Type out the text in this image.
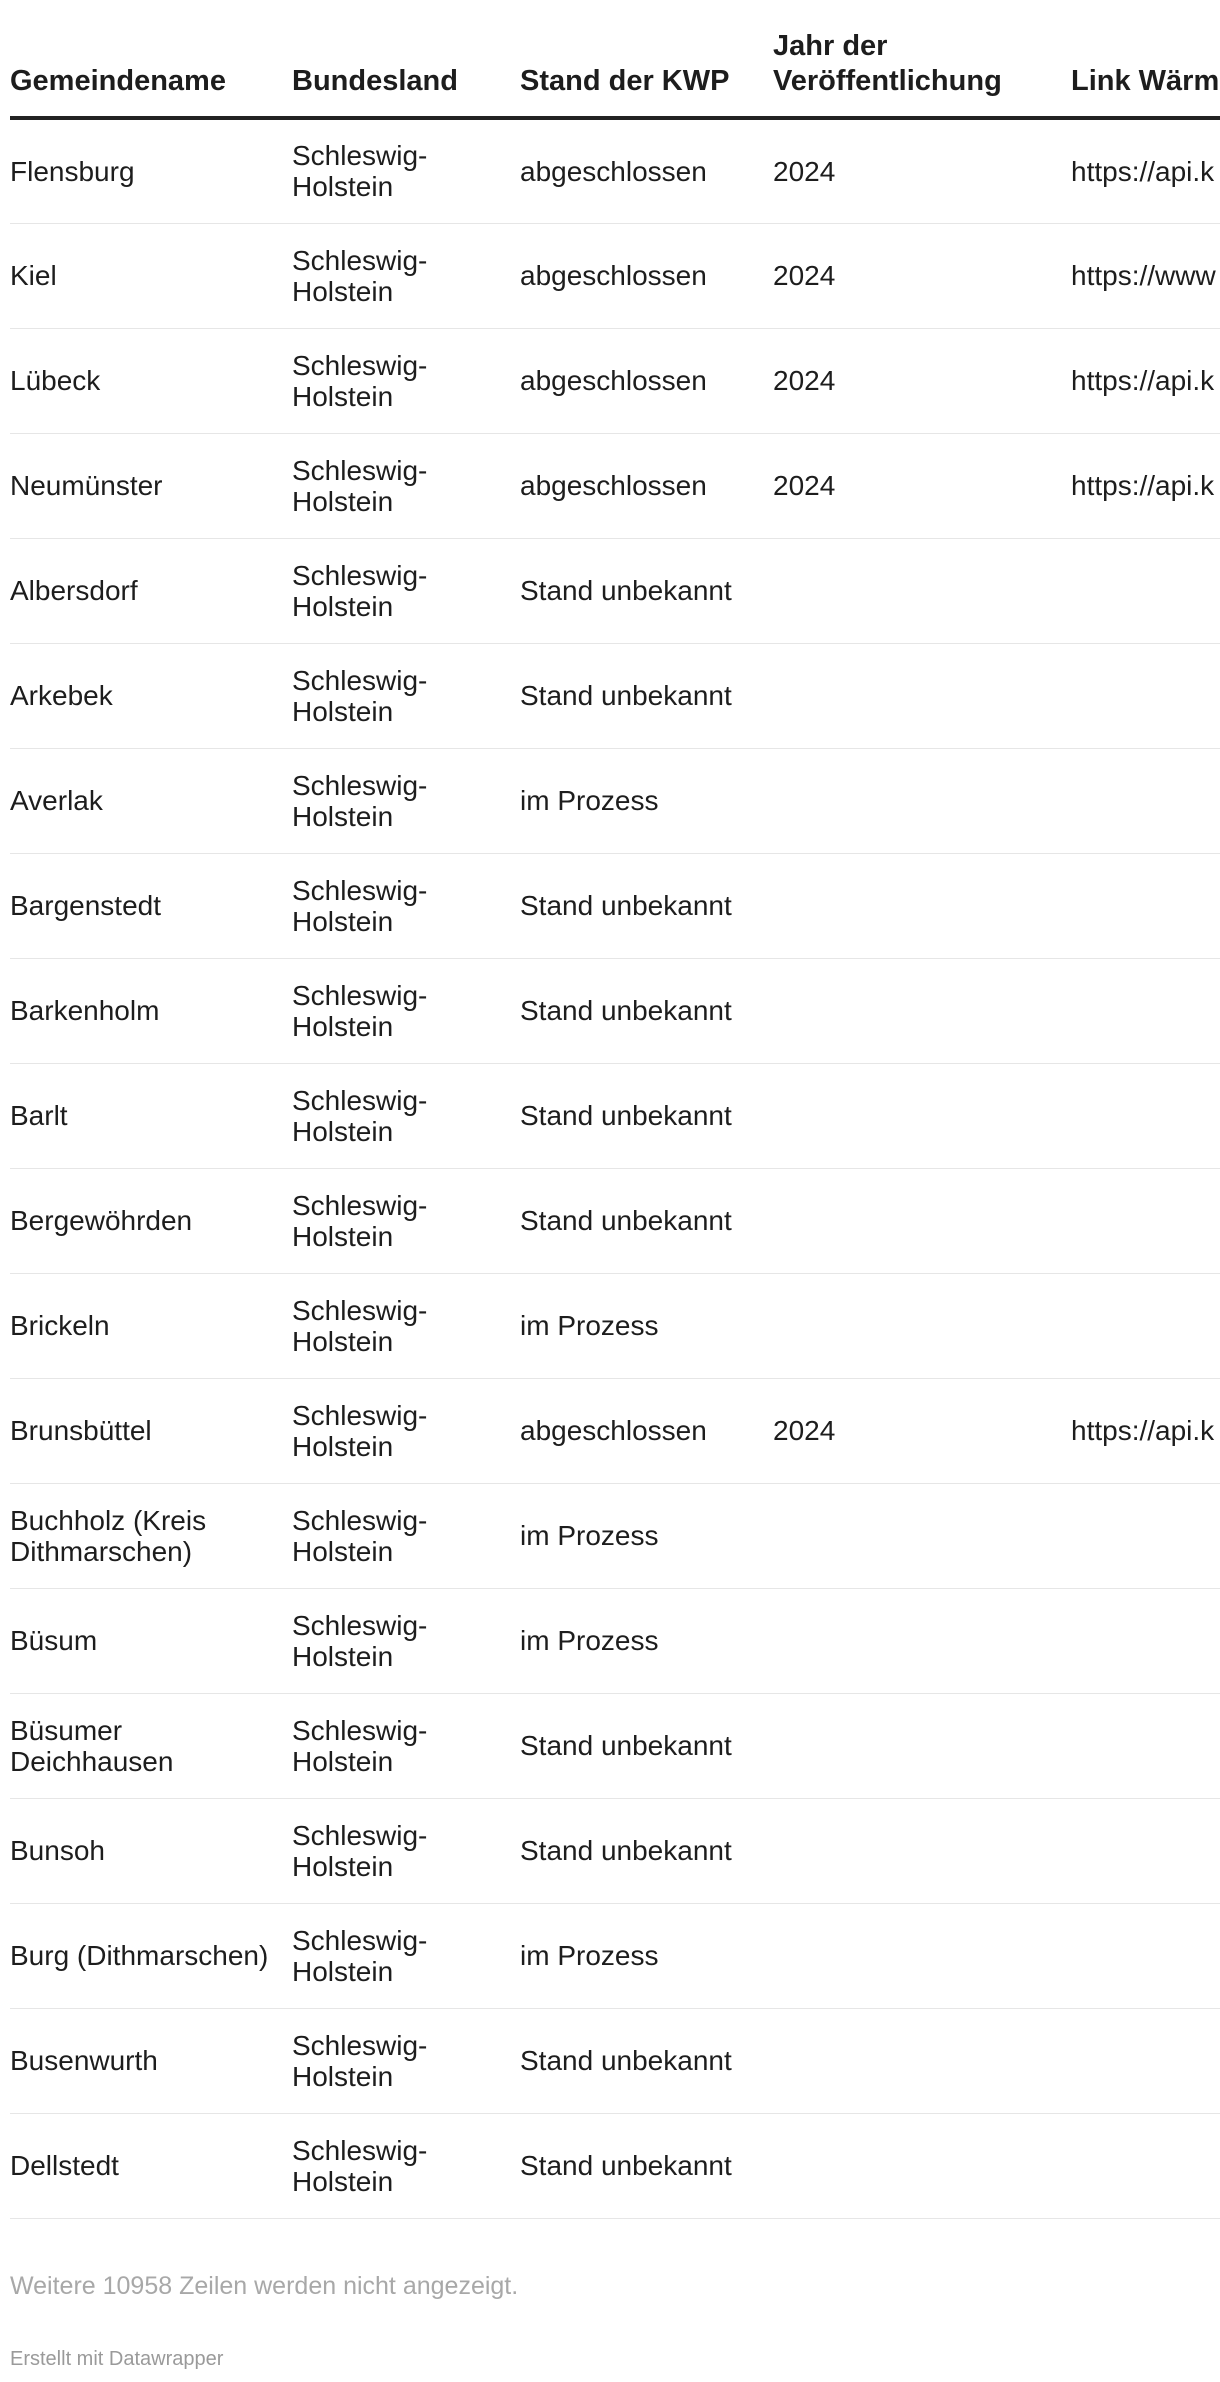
Gemeindename	Bundesland	Stand der KWP	Jahr der Veröffentlichung	Link Wärm
Flensburg	Schleswig-Holstein	abgeschlossen	2024	https://api.k
Kiel	Schleswig-Holstein	abgeschlossen	2024	https://www
Lübeck	Schleswig-Holstein	abgeschlossen	2024	https://api.k
Neumünster	Schleswig-Holstein	abgeschlossen	2024	https://api.k
Albersdorf	Schleswig-Holstein	Stand unbekannt		
Arkebek	Schleswig-Holstein	Stand unbekannt		
Averlak	Schleswig-Holstein	im Prozess		
Bargenstedt	Schleswig-Holstein	Stand unbekannt		
Barkenholm	Schleswig-Holstein	Stand unbekannt		
Barlt	Schleswig-Holstein	Stand unbekannt		
Bergewöhrden	Schleswig-Holstein	Stand unbekannt		
Brickeln	Schleswig-Holstein	im Prozess		
Brunsbüttel	Schleswig-Holstein	abgeschlossen	2024	https://api.k
Buchholz (Kreis Dithmarschen)	Schleswig-Holstein	im Prozess		
Büsum	Schleswig-Holstein	im Prozess		
Büsumer Deichhausen	Schleswig-Holstein	Stand unbekannt		
Bunsoh	Schleswig-Holstein	Stand unbekannt		
Burg (Dithmarschen)	Schleswig-Holstein	im Prozess		
Busenwurth	Schleswig-Holstein	Stand unbekannt		
Dellstedt	Schleswig-Holstein	Stand unbekannt		
Weitere 10958 Zeilen werden nicht angezeigt.
Erstellt mit Datawrapper
